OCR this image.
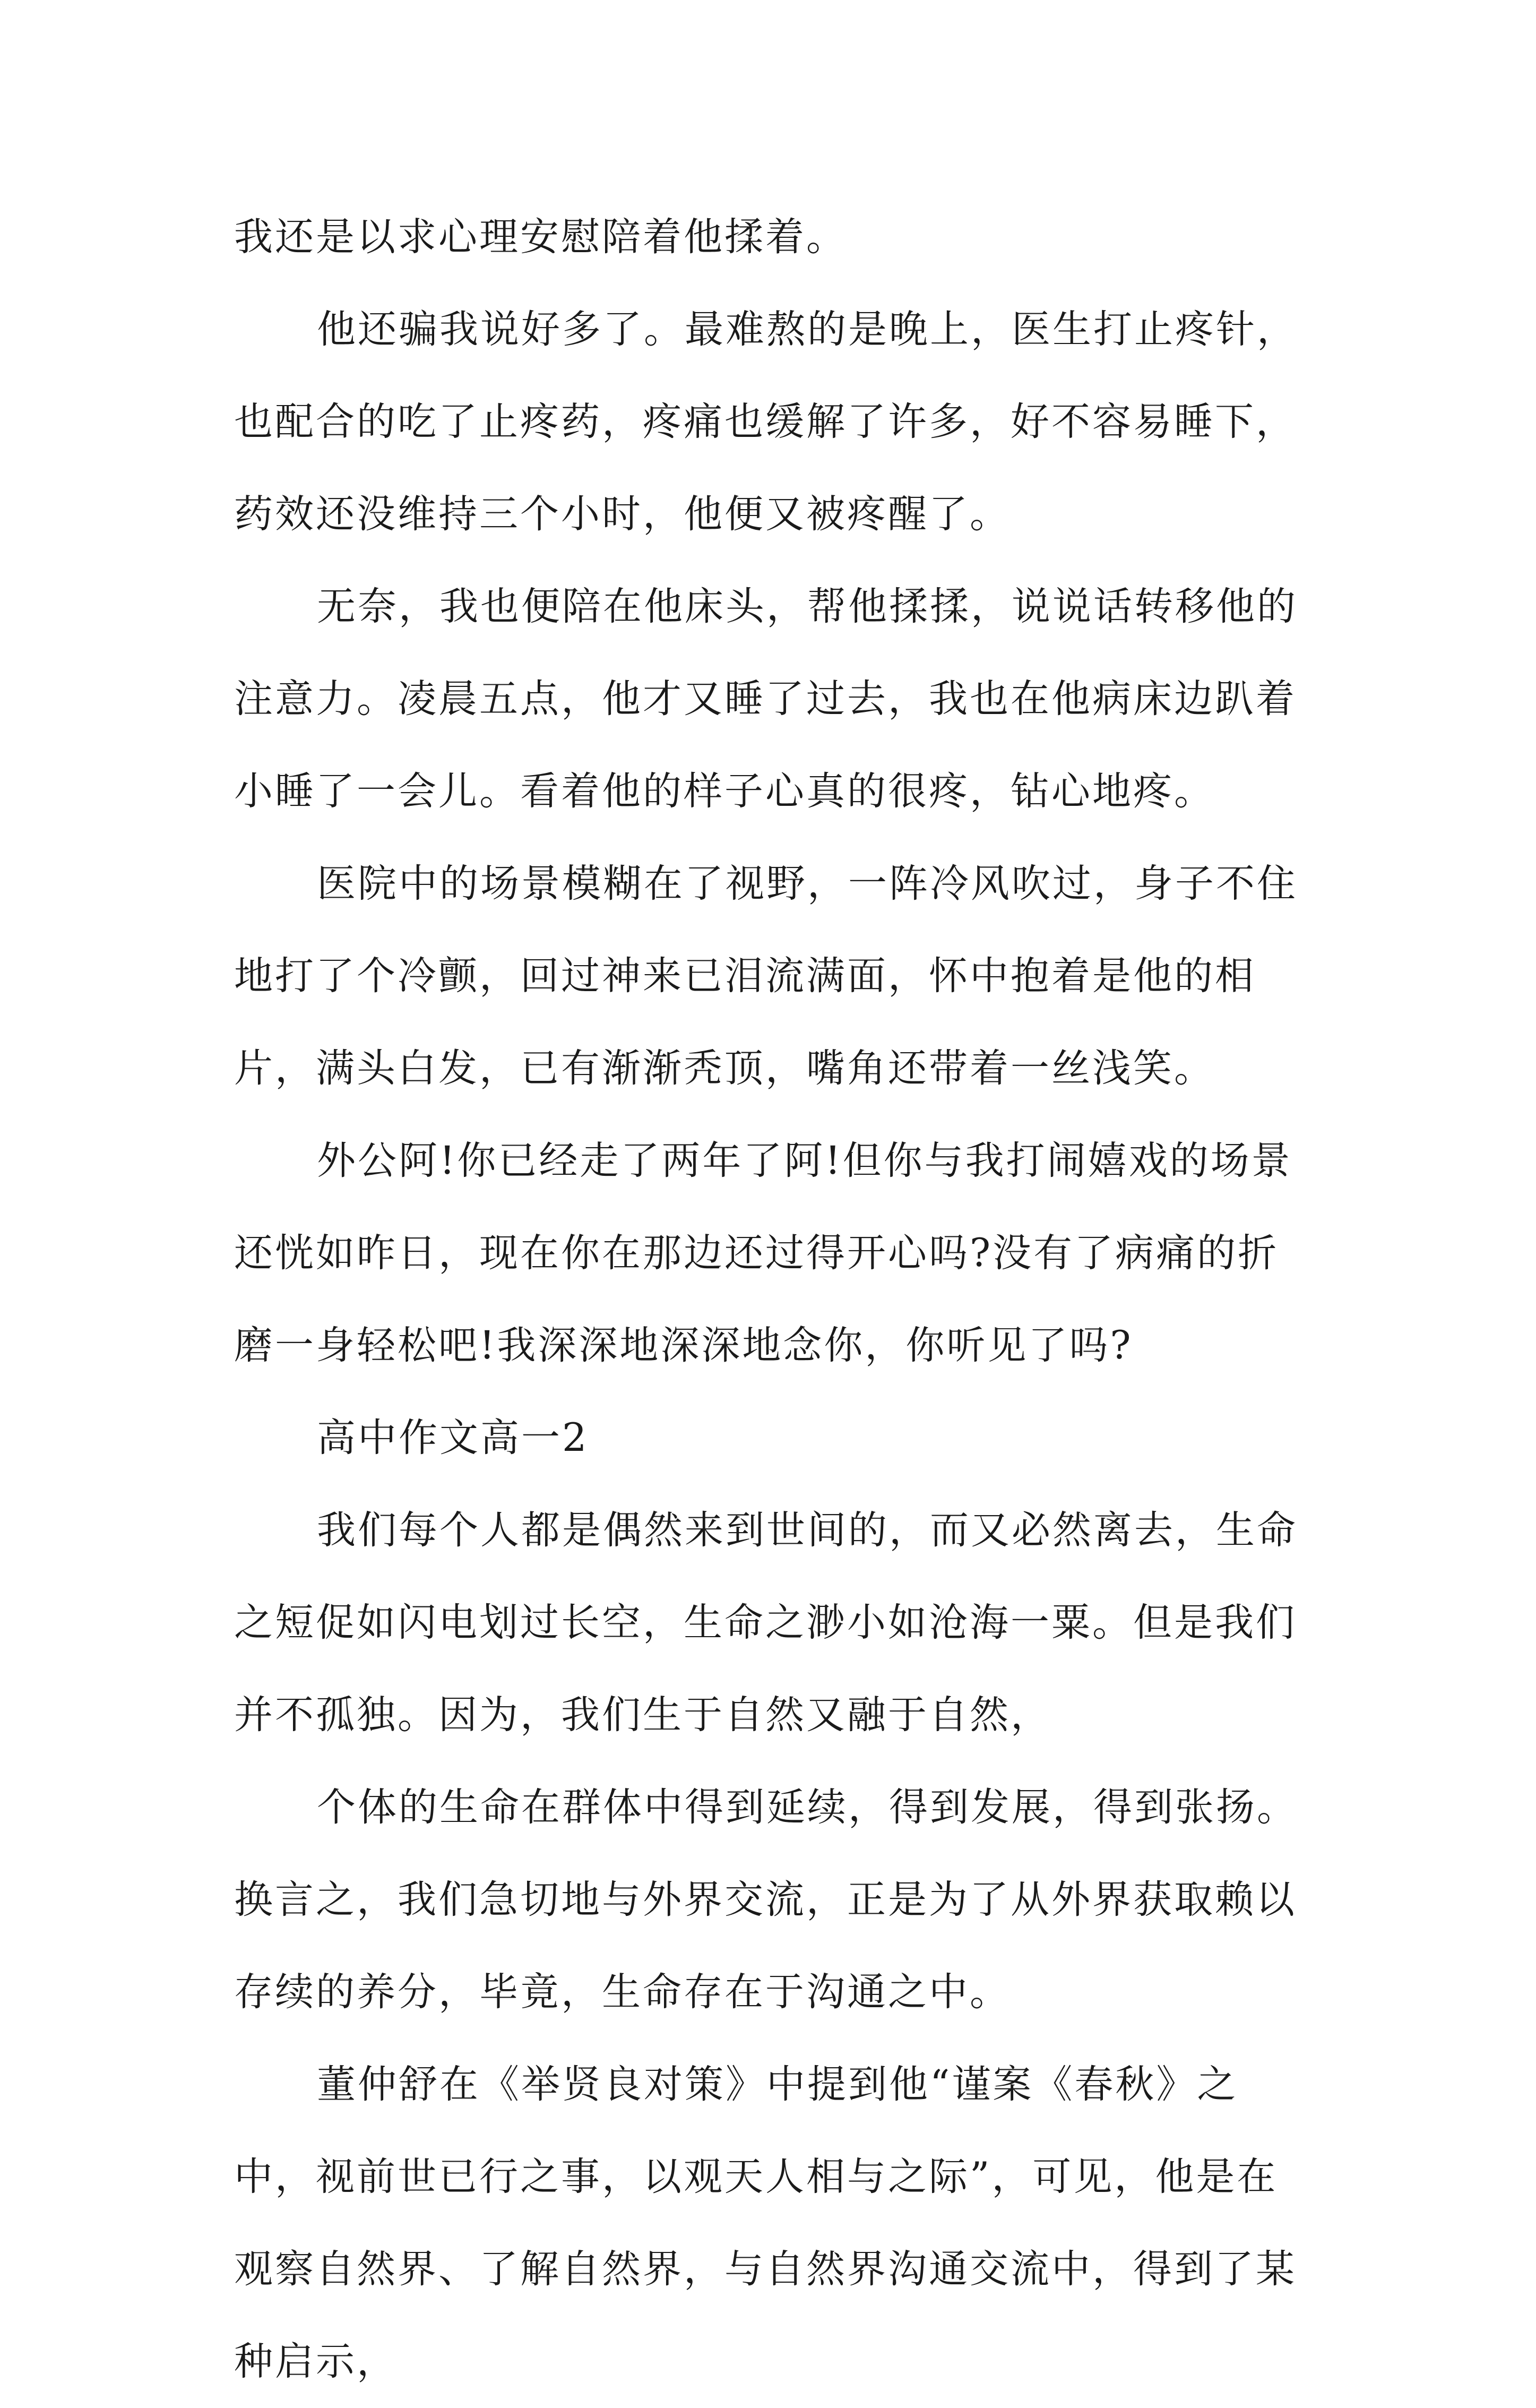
我还是以求心理安慰陪着他揉着。

他还骗我说好多了。最难熬的是晚上，医生打止疼针，也配合的吃了止疼药，疼痛也缓解了许多，好不容易睡下，药效还没维持三个小时，他便又被疼醒了。

无奈，我也便陪在他床头，帮他揉揉，说说话转移他的注意力。凌晨五点，他才又睡了过去，我也在他病床边趴着小睡了一会儿。看着他的样子心真的很疼，钻心地疼。

医院中的场景模糊在了视野，一阵冷风吹过，身子不住地打了个冷颤，回过神来已泪流满面，怀中抱着是他的相片，满头白发，已有渐渐秃顶，嘴角还带着一丝浅笑。

外公阿!你已经走了两年了阿!但你与我打闹嬉戏的场景还恍如昨日，现在你在那边还过得开心吗?没有了病痛的折磨一身轻松吧!我深深地深深地念你，你听见了吗?

高中作文高一2

我们每个人都是偶然来到世间的，而又必然离去，生命之短促如闪电划过长空，生命之渺小如沧海一粟。但是我们并不孤独。因为，我们生于自然又融于自然，

个体的生命在群体中得到延续，得到发展，得到张扬。换言之，我们急切地与外界交流，正是为了从外界获取赖以存续的养分，毕竟，生命存在于沟通之中。

董仲舒在《举贤良对策》中提到他“谨案《春秋》之中，视前世已行之事，以观天人相与之际”，可见，他是在观察自然界、了解自然界，与自然界沟通交流中，得到了某种启示，
